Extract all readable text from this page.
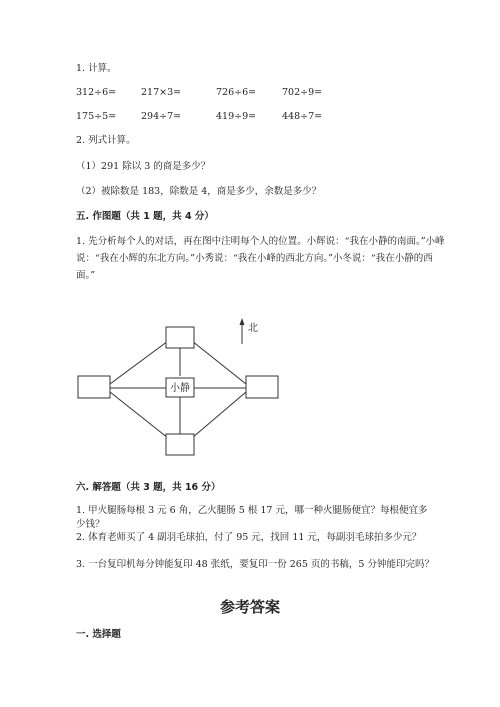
1. 计算。
312÷6=	217×3=	726÷6=	702÷9=
175÷5=	294÷7=	419÷9=	448÷7=
2. 列式计算。
（1）291 除以 3 的商是多少？
（2）被除数是 183，除数是 4，商是多少，余数是多少？
五. 作图题（共 1 题，共 4 分）
1. 先分析每个人的对话，再在图中注明每个人的位置。小辉说：“我在小静的南面。”小峰说：“我在小辉的东北方向。”小秀说：“我在小峰的西北方向。”小冬说：“我在小静的西面。”
小静
北
六. 解答题（共 3 题，共 16 分）
1. 甲火腿肠每根 3 元 6 角，乙火腿肠 5 根 17 元，哪一种火腿肠便宜？每根便宜多少钱？
2. 体育老师买了 4 副羽毛球拍，付了 95 元，找回 11 元，每副羽毛球拍多少元？
3. 一台复印机每分钟能复印 48 张纸，要复印一份 265 页的书稿，5 分钟能印完吗？
参考答案
一. 选择题
